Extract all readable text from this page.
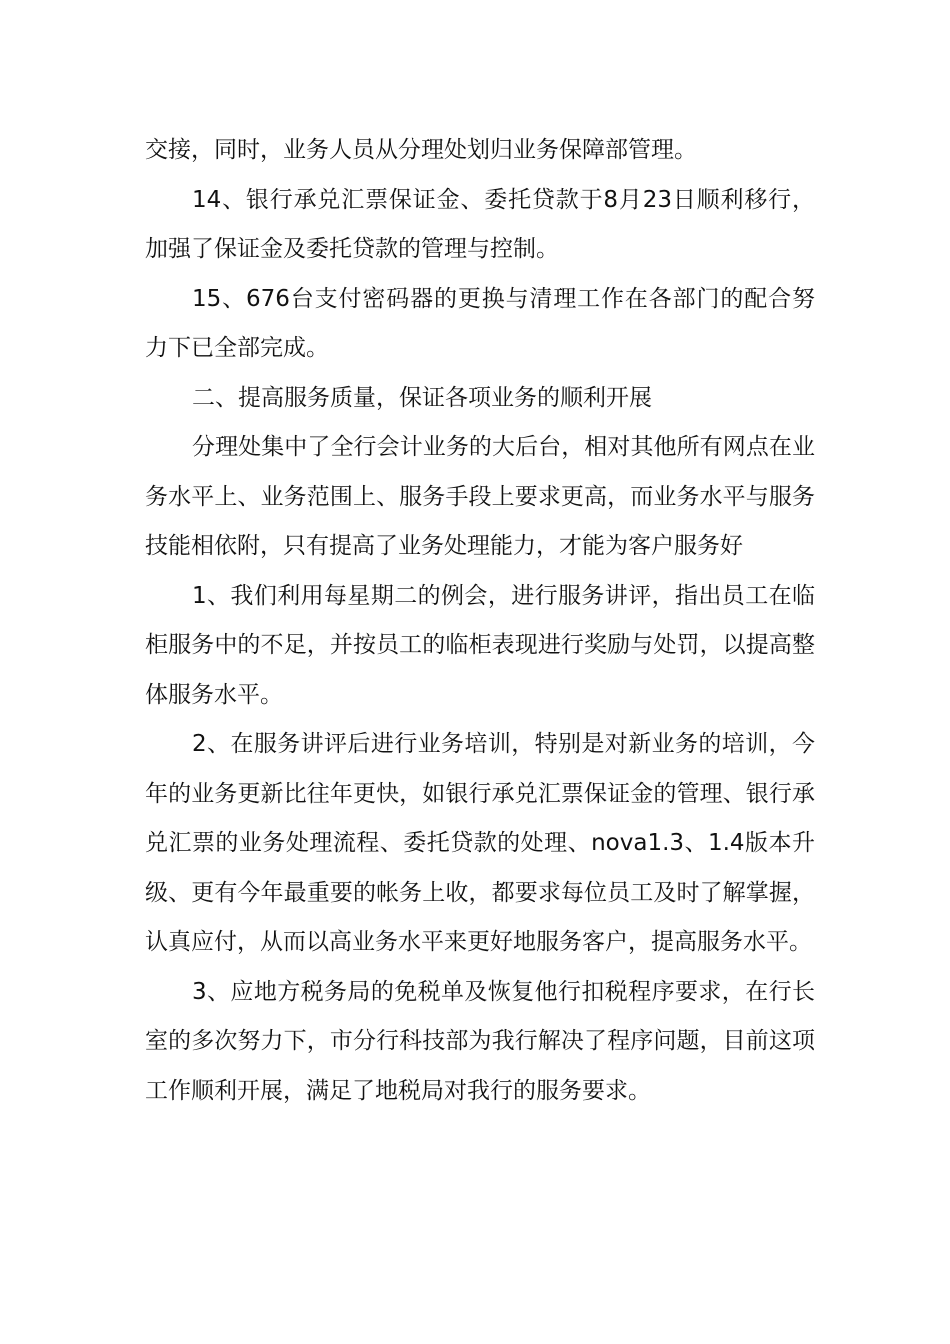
交接，同时，业务人员从分理处划归业务保障部管理。

14、银行承兑汇票保证金、委托贷款于8月23日顺利移行，加强了保证金及委托贷款的管理与控制。

15、676台支付密码器的更换与清理工作在各部门的配合努力下已全部完成。

二、提高服务质量，保证各项业务的顺利开展

分理处集中了全行会计业务的大后台，相对其他所有网点在业务水平上、业务范围上、服务手段上要求更高，而业务水平与服务技能相依附，只有提高了业务处理能力，才能为客户服务好

1、我们利用每星期二的例会，进行服务讲评，指出员工在临柜服务中的不足，并按员工的临柜表现进行奖励与处罚，以提高整体服务水平。

2、在服务讲评后进行业务培训，特别是对新业务的培训，今年的业务更新比往年更快，如银行承兑汇票保证金的管理、银行承兑汇票的业务处理流程、委托贷款的处理、nova1.3、1.4版本升级、更有今年最重要的帐务上收，都要求每位员工及时了解掌握，认真应付，从而以高业务水平来更好地服务客户，提高服务水平。

3、应地方税务局的免税单及恢复他行扣税程序要求，在行长室的多次努力下，市分行科技部为我行解决了程序问题，目前这项工作顺利开展，满足了地税局对我行的服务要求。
